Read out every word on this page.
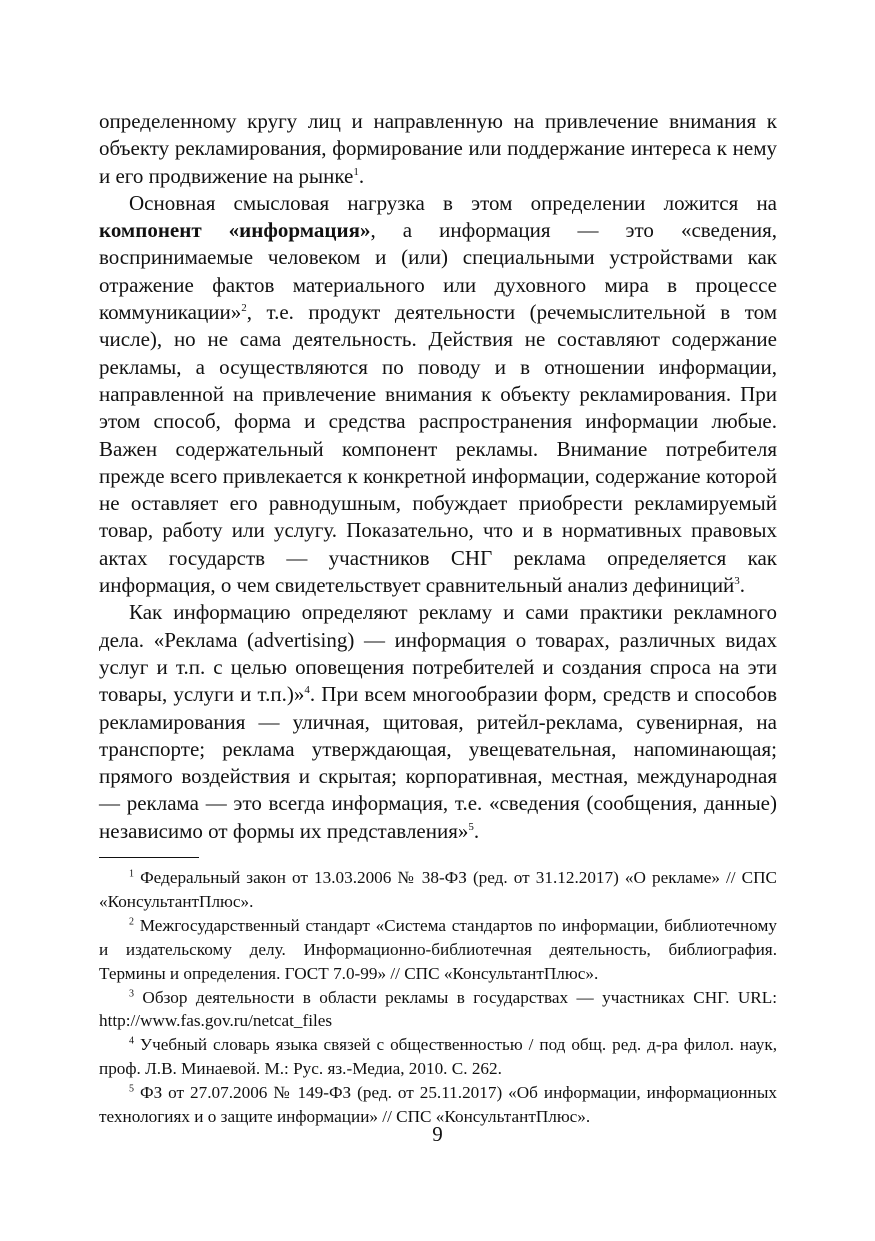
определенному кругу лиц и направленную на привлечение внимания к объекту рекламирования, формирование или поддержание интереса к нему и его продвижение на рынке$^1$.

Основная смысловая нагрузка в этом определении ложится на компонент «информация», а информация — это «сведения, воспринимаемые человеком и (или) специальными устройствами как отражение фактов материального или духовного мира в процессе коммуникации»$^2$, т.е. продукт деятельности (речемыслительной в том числе), но не сама деятельность. Действия не составляют содержание рекламы, а осуществляются по поводу и в отношении информации, направленной на привлечение внимания к объекту рекламирования. При этом способ, форма и средства распространения информации любые. Важен содержательный компонент рекламы. Внимание потребителя прежде всего привлекается к конкретной информации, содержание которой не оставляет его равнодушным, побуждает приобрести рекламируемый товар, работу или услугу. Показательно, что и в нормативных правовых актах государств — участников СНГ реклама определяется как информация, о чем свидетельствует сравнительный анализ дефиниций$^3$.

Как информацию определяют рекламу и сами практики рекламного дела. «Реклама (advertising) — информация о товарах, различных видах услуг и т.п. с целью оповещения потребителей и создания спроса на эти товары, услуги и т.п.)»$^4$. При всем многообразии форм, средств и способов рекламирования — уличная, щитовая, ритейл-реклама, сувенирная, на транспорте; реклама утверждающая, увещевательная, напоминающая; прямого воздействия и скрытая; корпоративная, местная, международная — реклама — это всегда информация, т.е. «сведения (сообщения, данные) независимо от формы их представления»$^5$.

$^1$ Федеральный закон от 13.03.2006 № 38-ФЗ (ред. от 31.12.2017) «О рекламе» // СПС «КонсультантПлюс».

$^2$ Межгосударственный стандарт «Система стандартов по информации, библиотечному и издательскому делу. Информационно-библиотечная деятельность, библиография. Термины и определения. ГОСТ 7.0-99» // СПС «КонсультантПлюс».

$^3$ Обзор деятельности в области рекламы в государствах — участниках СНГ. URL: http://www.fas.gov.ru/netcat_files

$^4$ Учебный словарь языка связей с общественностью / под общ. ред. д-ра филол. наук, проф. Л.В. Минаевой. М.: Рус. яз.-Медиа, 2010. С. 262.

$^5$ ФЗ от 27.07.2006 № 149-ФЗ (ред. от 25.11.2017) «Об информации, информационных технологиях и о защите информации» // СПС «КонсультантПлюс».

9
